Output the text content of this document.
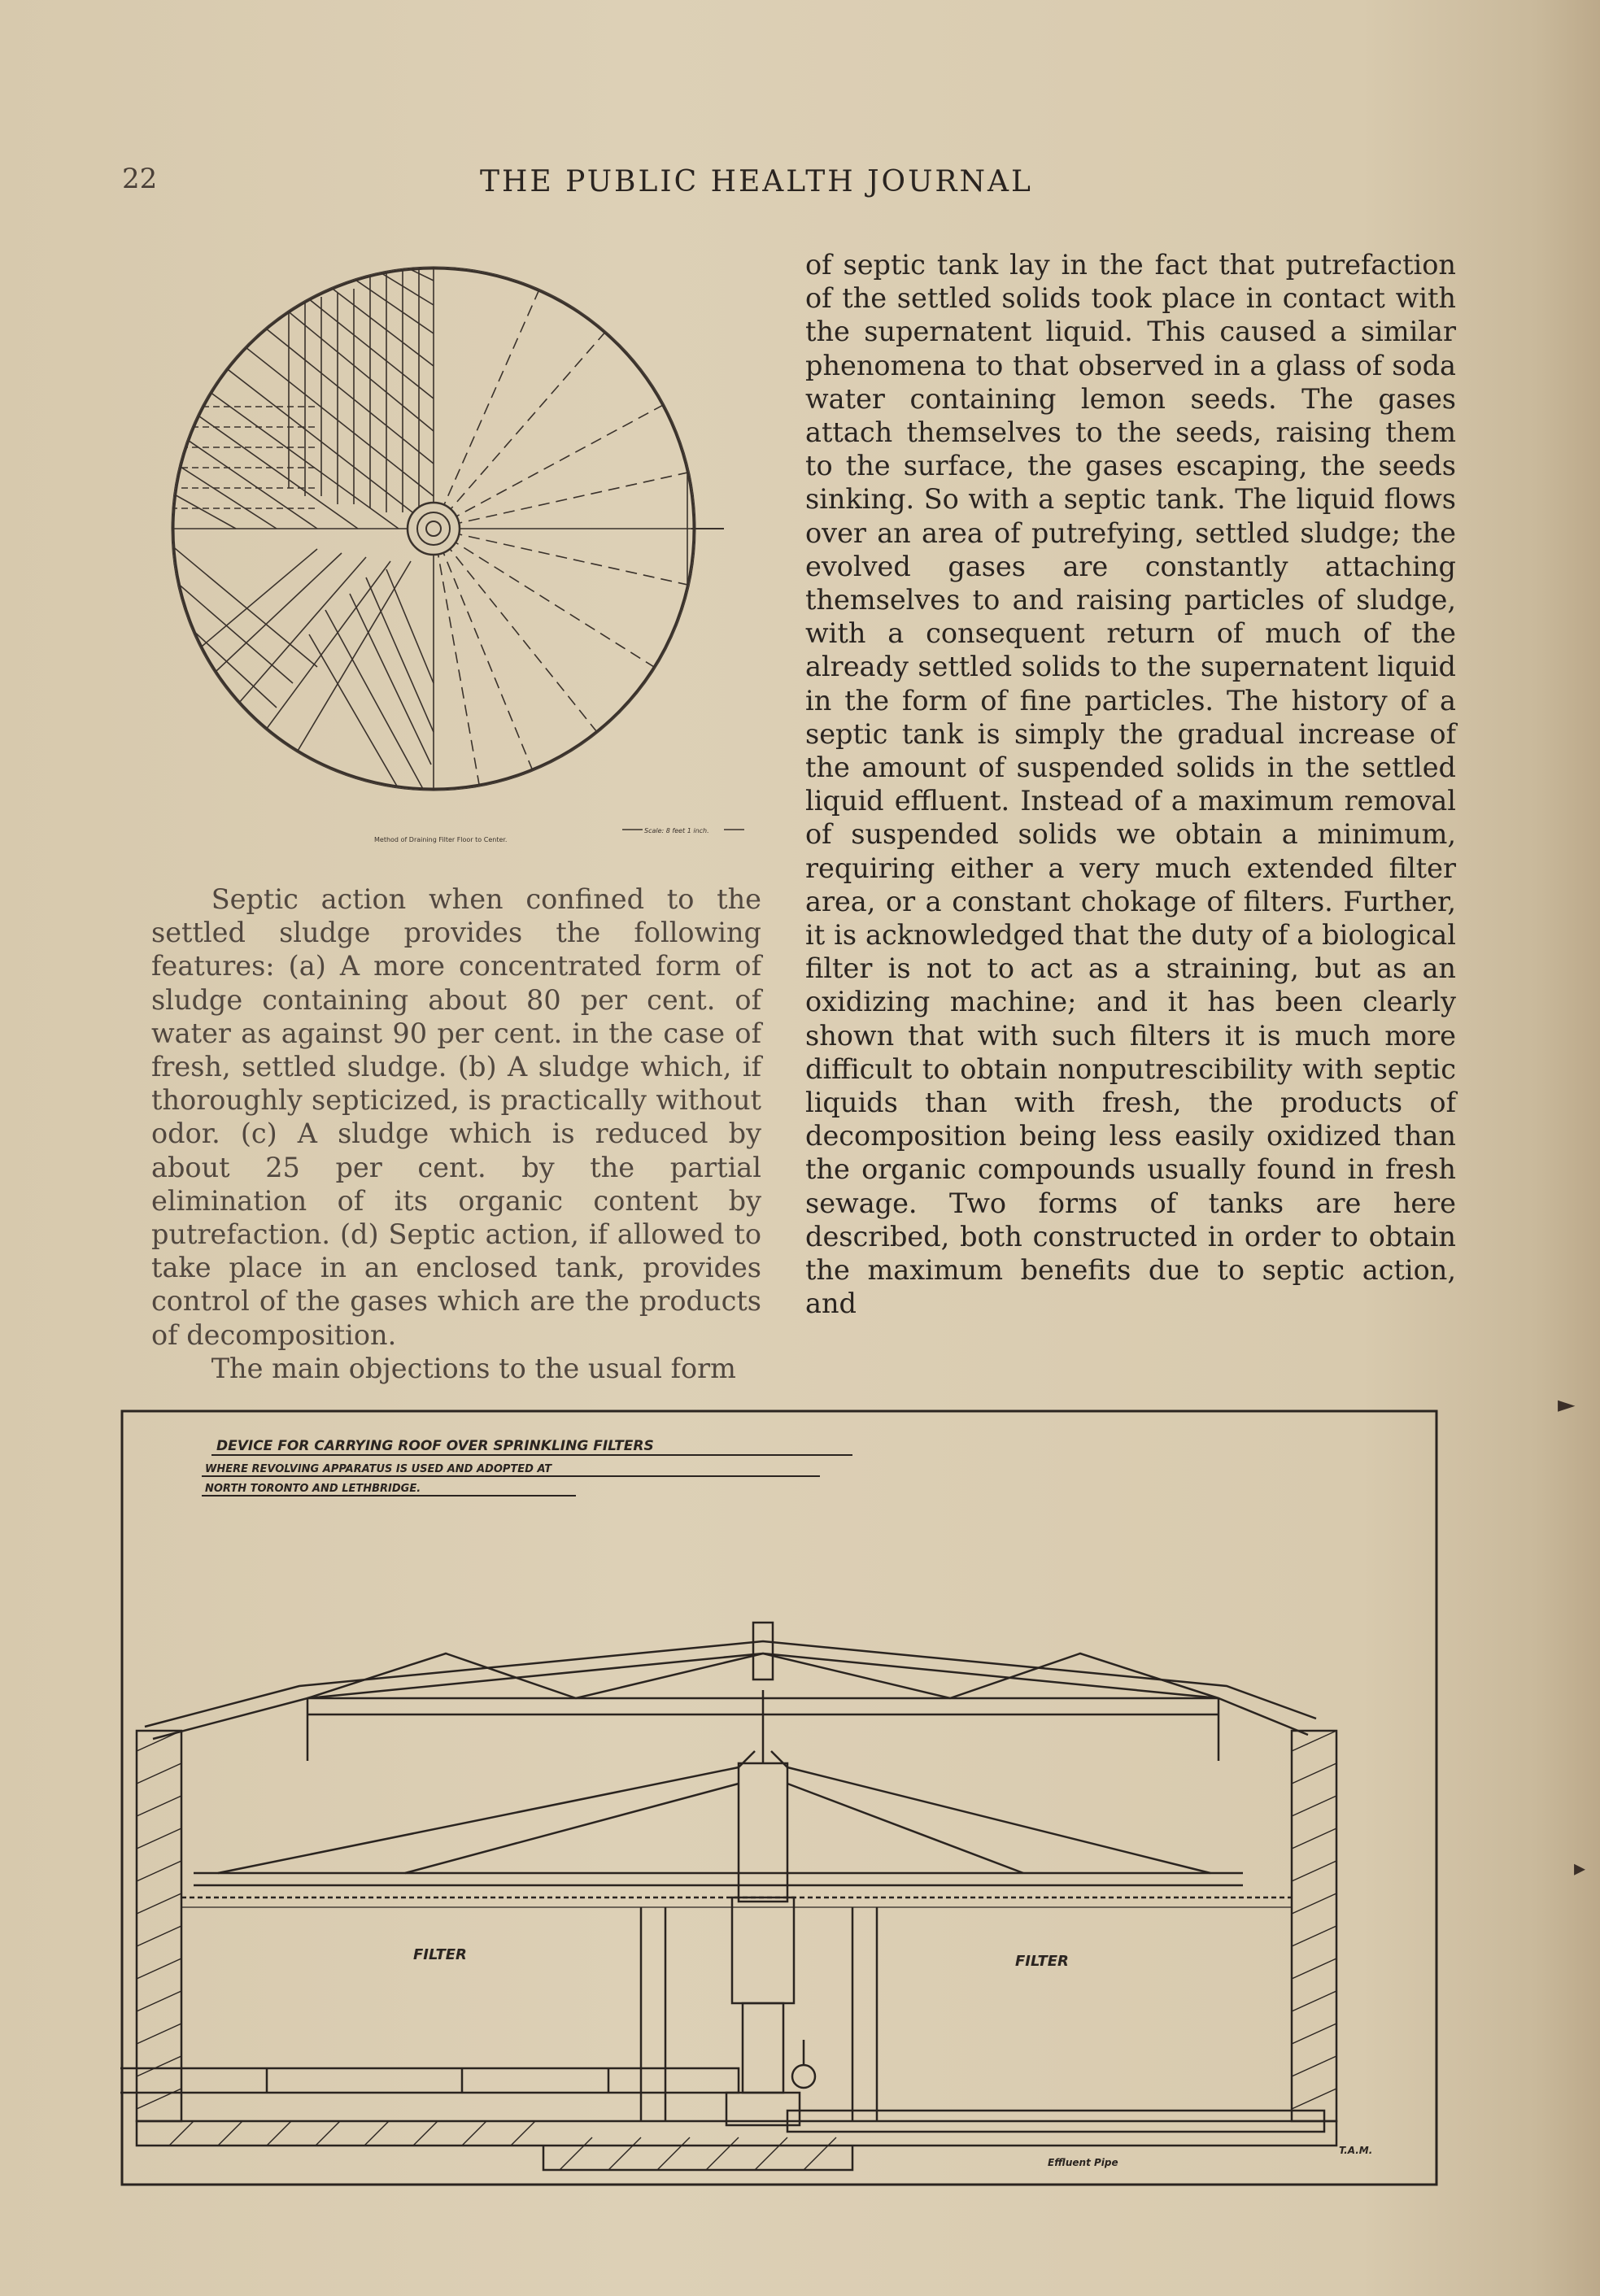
22	THE PUBLIC HEALTH JOURNAL
Method of Draining Filter Floor to Center.
Scale: 8 feet 1 inch.

Septic action when confined to the settled sludge provides the following features: (a) A more concentrated form of sludge containing about 80 per cent. of water as against 90 per cent. in the case of fresh, settled sludge. (b) A sludge which, if thoroughly septicized, is practically without odor. (c) A sludge which is reduced by about 25 per cent. by the partial elimination of its organic content by putrefaction. (d) Septic action, if allowed to take place in an enclosed tank, provides control of the gases which are the products of decomposition.

The main objections to the usual form

of septic tank lay in the fact that putrefaction of the settled solids took place in contact with the supernatent liquid. This caused a similar phenomena to that observed in a glass of soda water containing lemon seeds. The gases attach themselves to the seeds, raising them to the surface, the gases escaping, the seeds sinking. So with a septic tank. The liquid flows over an area of putrefying, settled sludge; the evolved gases are constantly attaching themselves to and raising particles of sludge, with a consequent return of much of the already settled solids to the supernatent liquid in the form of fine particles. The history of a septic tank is simply the gradual increase of the amount of suspended solids in the settled liquid effluent. Instead of a maximum removal of suspended solids we obtain a minimum, requiring either a very much extended filter area, or a constant chokage of filters. Further, it is acknowledged that the duty of a biological filter is not to act as a straining, but as an oxidizing machine; and it has been clearly shown that with such filters it is much more difficult to obtain nonputrescibility with septic liquids than with fresh, the products of decomposition being less easily oxidized than the organic compounds usually found in fresh sewage. Two forms of tanks are here described, both constructed in order to obtain the maximum benefits due to septic action, and

DEVICE FOR CARRYING ROOF OVER SPRINKLING FILTERS
WHERE REVOLVING APPARATUS IS USED AND ADOPTED AT
NORTH TORONTO AND LETHBRIDGE.
FILTER	FILTER
Effluent Pipe
T.A.M.
►
▸
